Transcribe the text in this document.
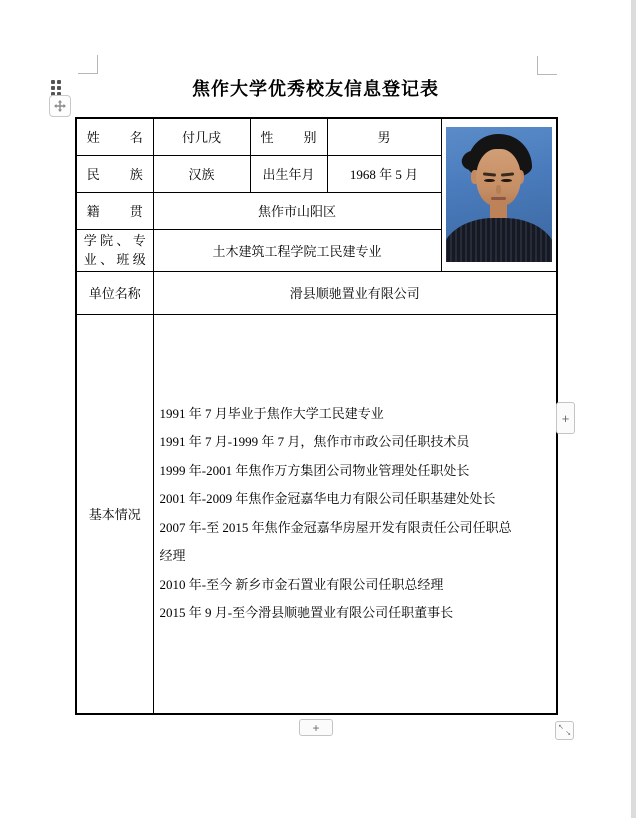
焦作大学优秀校友信息登记表
姓名	付几戌	性别	男	

民族	汉族	出生年月	1968 年 5 月	

籍贯	焦作市山阳区			

学院、专业、班级	土木建筑工程学院工民建专业			
单位名称	滑县顺驰置业有限公司			
基本情况	

1991 年 7 月毕业于焦作大学工民建专业

1991 年 7 月-1999 年 7 月，焦作市市政公司任职技术员

1999 年-2001 年焦作万方集团公司物业管理处任职处长

2001 年-2009 年焦作金冠嘉华电力有限公司任职基建处处长

2007 年-至 2015 年焦作金冠嘉华房屋开发有限责任公司任职总经理

2010 年-至今 新乡市金石置业有限公司任职总经理

2015 年 9 月-至今滑县顺驰置业有限公司任职董事长

+
+	↖
↘
